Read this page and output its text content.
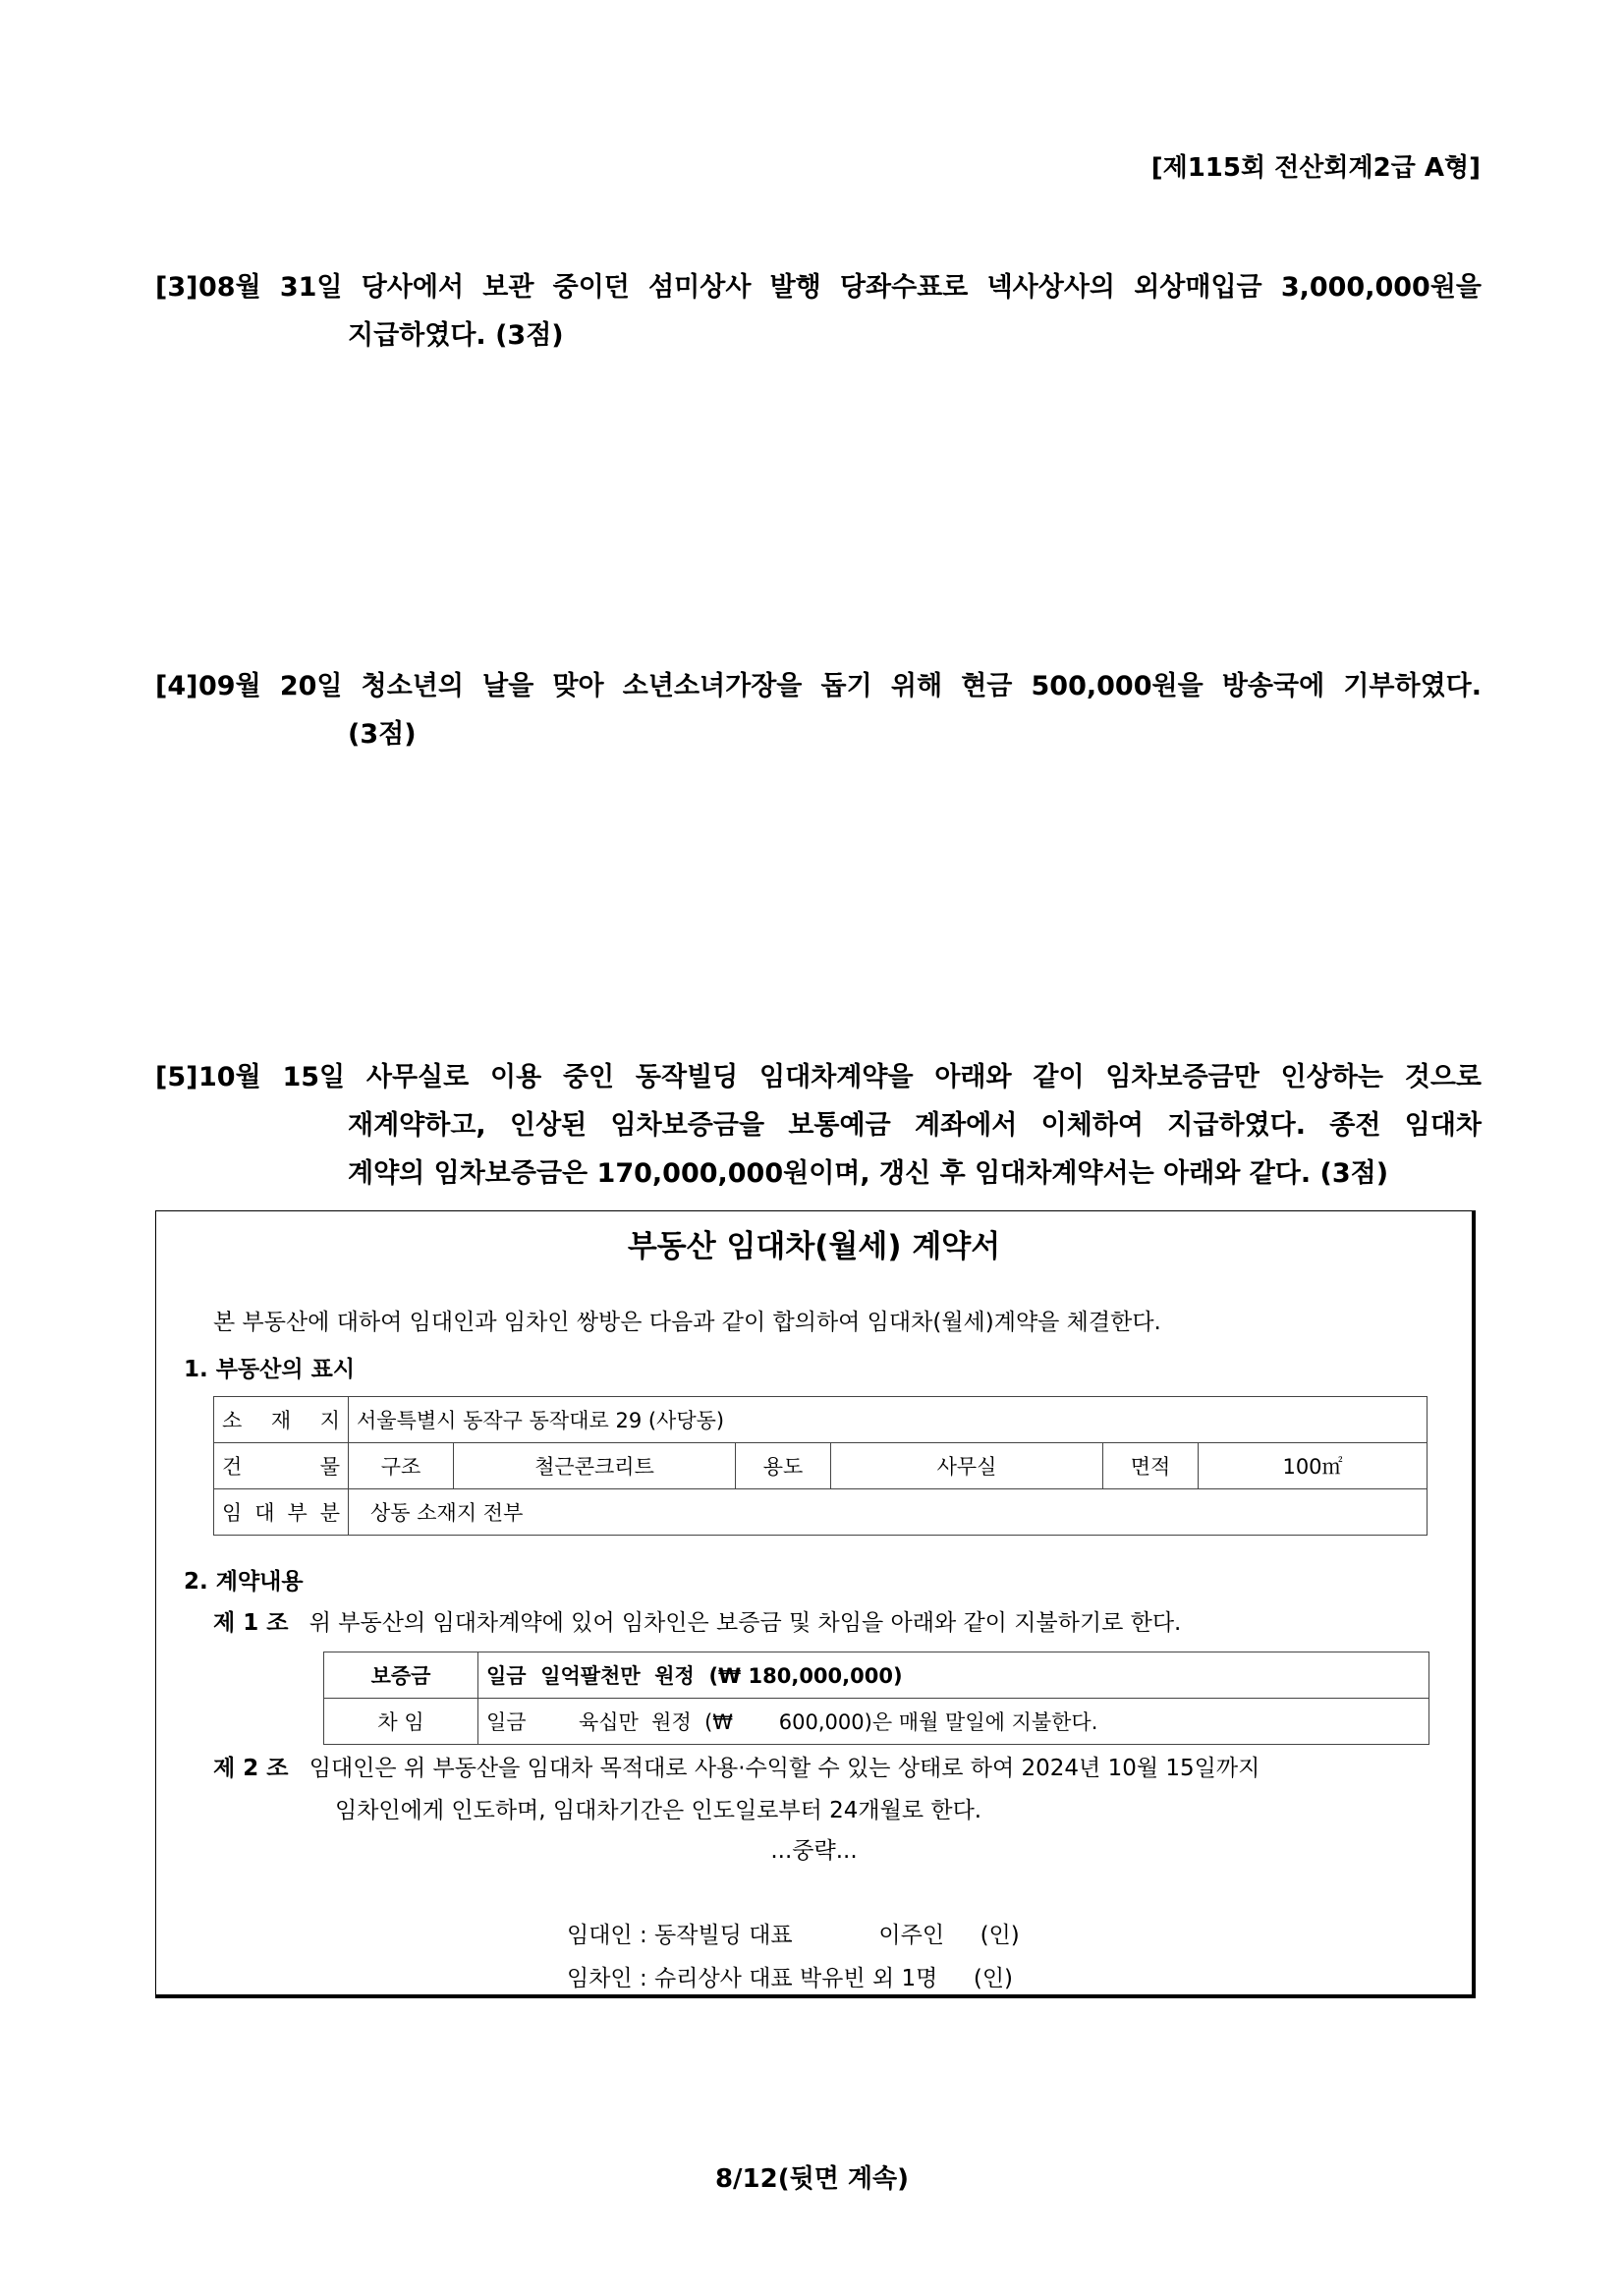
[제115회 전산회계2급 A형]
[3] 08월 31일 당사에서 보관 중이던 섬미상사 발행 당좌수표로 넥사상사의 외상매입금 3,000,000원을
지급하였다. (3점)
[4] 09월 20일 청소년의 날을 맞아 소년소녀가장을 돕기 위해 현금 500,000원을 방송국에 기부하였다.
(3점)
[5] 10월 15일 사무실로 이용 중인 동작빌딩 임대차계약을 아래와 같이 임차보증금만 인상하는 것으로
재계약하고, 인상된 임차보증금을 보통예금 계좌에서 이체하여 지급하였다. 종전 임대차
계약의 임차보증금은 170,000,000원이며, 갱신 후 임대차계약서는 아래와 같다. (3점)
부동산 임대차(월세) 계약서
본 부동산에 대하여 임대인과 임차인 쌍방은 다음과 같이 합의하여 임대차(월세)계약을 체결한다.
1. 부동산의 표시
소 재 지	서울특별시 동작구 동작대로 29 (사당동)					
건 물	구조	철근콘크리트	용도	사무실	면적	100㎡
임 대 부 분	상동 소재지 전부					
2. 계약내용
제 1 조 위 부동산의 임대차계약에 있어 임차인은 보증금 및 차임을 아래와 같이 지불하기로 한다.
보증금	일금  일억팔천만  원정  (₩ 180,000,000)
차 임	일금        육십만  원정  (₩       600,000)은 매월 말일에 지불한다.
제 2 조 임대인은 위 부동산을 임대차 목적대로 사용·수익할 수 있는 상태로 하여 2024년 10월 15일까지
임차인에게 인도하며, 임대차기간은 인도일로부터 24개월로 한다.
...중략...
임대인 : 동작빌딩 대표            이주인     (인)
임차인 : 슈리상사 대표 박유빈 외 1명     (인)
8/12(뒷면 계속)
